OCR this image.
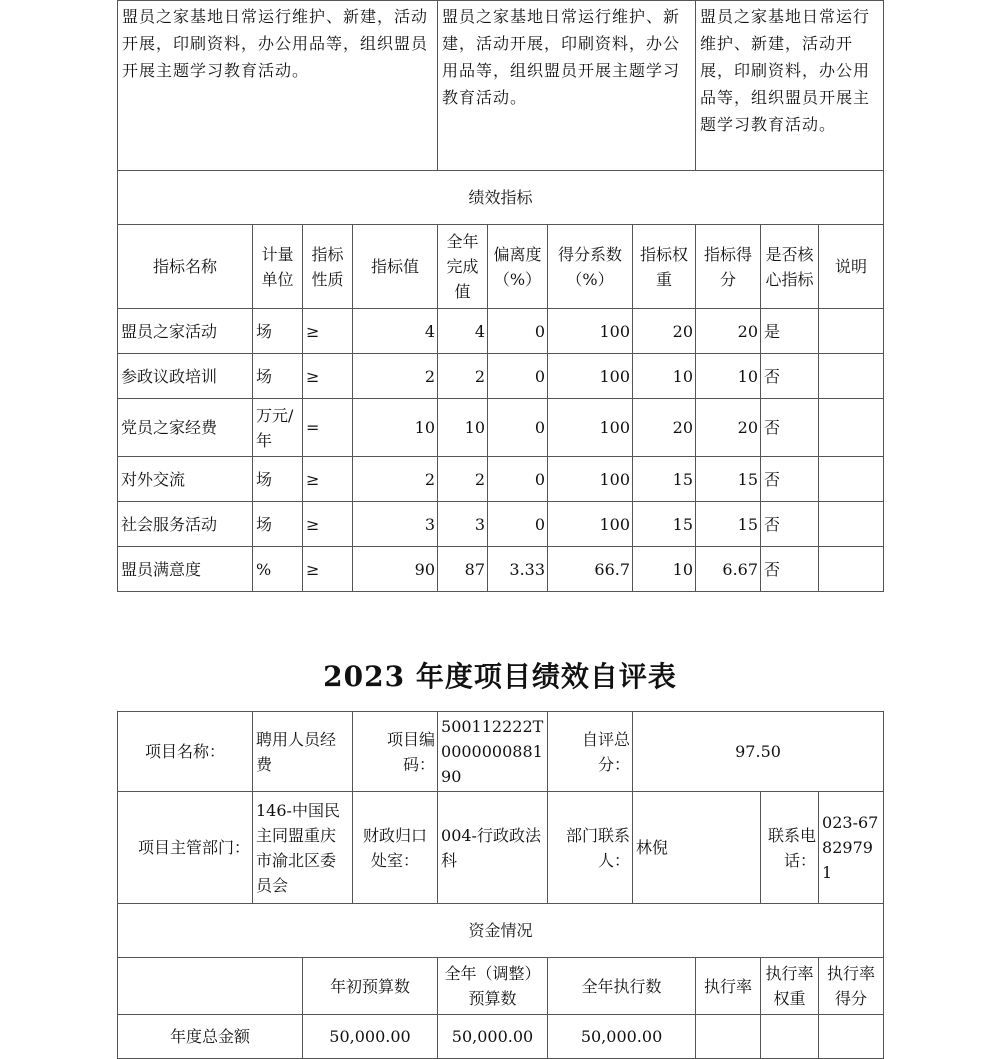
盟员之家基地日常运行维护、新建，活动开展，印刷资料，办公用品等，组织盟员开展主题学习教育活动。				盟员之家基地日常运行维护、新建，活动开展，印刷资料，办公用品等，组织盟员开展主题学习教育活动。				盟员之家基地日常运行维护、新建，活动开展，印刷资料，办公用品等，组织盟员开展主题学习教育活动。		
绩效指标										
指标名称	计量单位	指标性质	指标值	全年完成值	偏离度（%）	得分系数（%）	指标权重	指标得分	是否核心指标	说明
盟员之家活动	场	≥	4	4	0	100	20	20	是	
参政议政培训	场	≥	2	2	0	100	10	10	否	
党员之家经费	万元/年	=	10	10	0	100	20	20	否	
对外交流	场	≥	2	2	0	100	15	15	否	
社会服务活动	场	≥	3	3	0	100	15	15	否	
盟员满意度	%	≥	90	87	3.33	66.7	10	6.67	否	
2023 年度项目绩效自评表
项目名称：	聘用人员经费		项目编码：	500112222T000000088190	自评总分：	97.50			
项目主管部门：	146-中国民主同盟重庆市渝北区委员会		财政归口处室：	004-行政政法科	部门联系人：	林倪		联系电话：	023-67829791
资金情况									
		年初预算数		全年（调整）预算数	全年执行数		执行率	执行率权重	执行率得分
年度总金额		50,000.00		50,000.00	50,000.00				
